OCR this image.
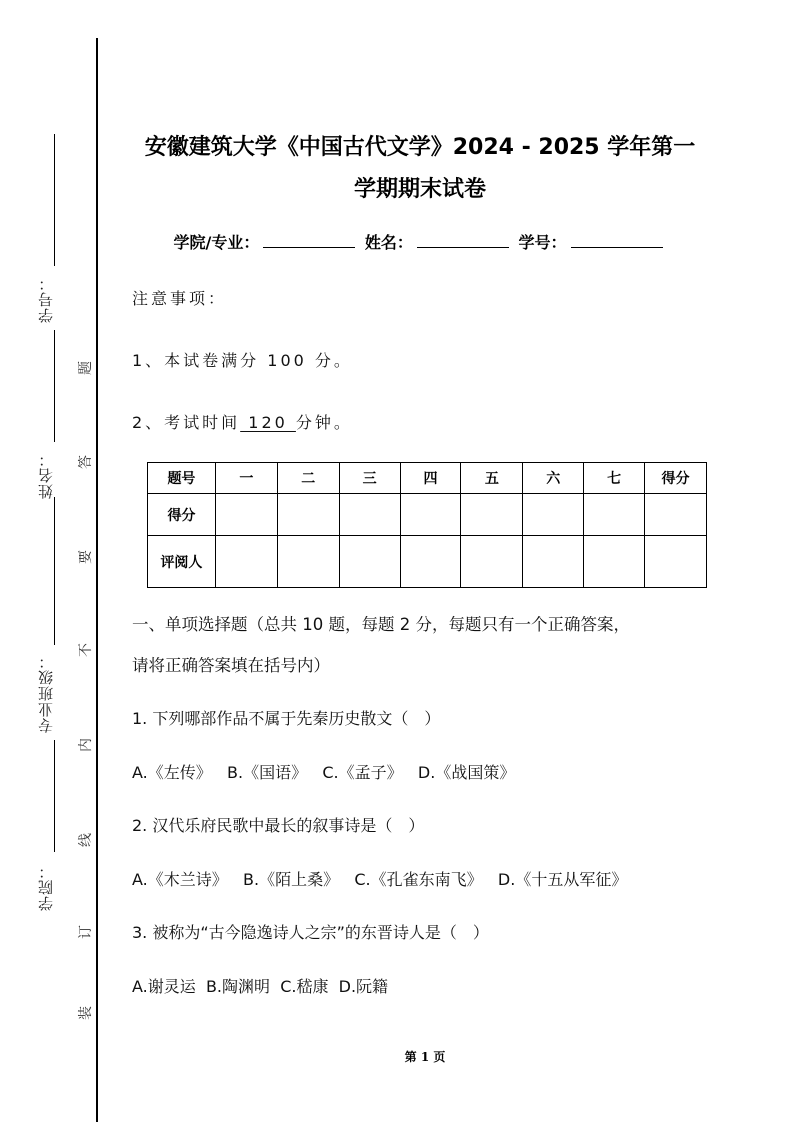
学号：
姓名：
专业班级：
学院：
题
答
要
不
内
线
订
装
安徽建筑大学《中国古代文学》2024 - 2025 学年第一
学期期末试卷
学院/专业：	姓名：	学号：
注意事项：
1、本试卷满分 100 分。
2、考试时间 120 分钟。
题号	一	二	三	四	五	六	七	得分
得分								
评阅人								
一、单项选择题（总共 10 题，每题 2 分，每题只有一个正确答案，
请将正确答案填在括号内）
1. 下列哪部作品不属于先秦历史散文（　）
A.《左传》 B.《国语》 C.《孟子》 D.《战国策》
2. 汉代乐府民歌中最长的叙事诗是（　）
A.《木兰诗》 B.《陌上桑》 C.《孔雀东南飞》 D.《十五从军征》
3. 被称为“古今隐逸诗人之宗”的东晋诗人是（　）
A.谢灵运 B.陶渊明 C.嵇康 D.阮籍
第 1 页
